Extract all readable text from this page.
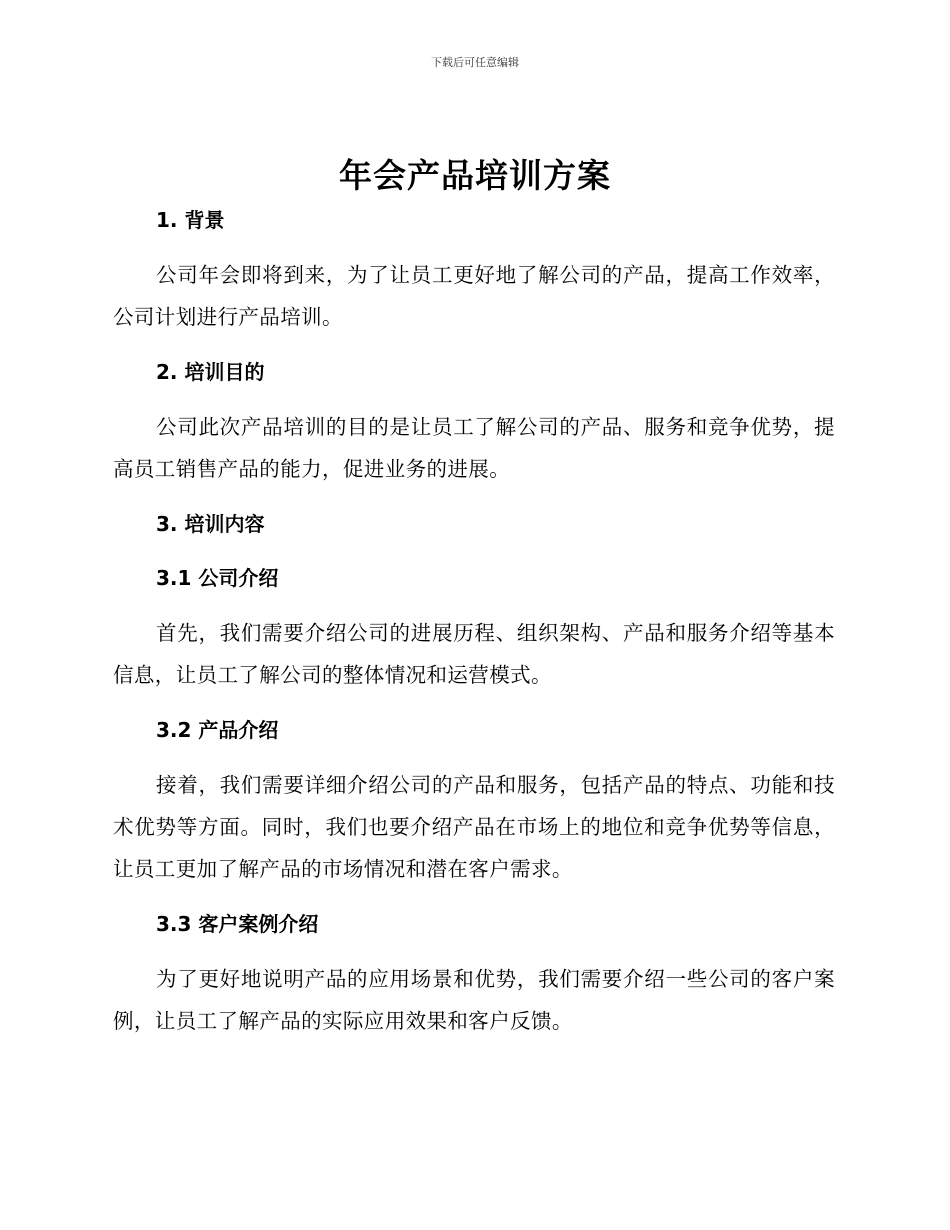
下载后可任意编辑
年会产品培训方案
1. 背景

公司年会即将到来，为了让员工更好地了解公司的产品，提高工作效率，公司计划进行产品培训。

2. 培训目的

公司此次产品培训的目的是让员工了解公司的产品、服务和竞争优势，提高员工销售产品的能力，促进业务的进展。

3. 培训内容
3.1 公司介绍

首先，我们需要介绍公司的进展历程、组织架构、产品和服务介绍等基本信息，让员工了解公司的整体情况和运营模式。

3.2 产品介绍

接着，我们需要详细介绍公司的产品和服务，包括产品的特点、功能和技术优势等方面。同时，我们也要介绍产品在市场上的地位和竞争优势等信息，让员工更加了解产品的市场情况和潜在客户需求。

3.3 客户案例介绍

为了更好地说明产品的应用场景和优势，我们需要介绍一些公司的客户案例，让员工了解产品的实际应用效果和客户反馈。
